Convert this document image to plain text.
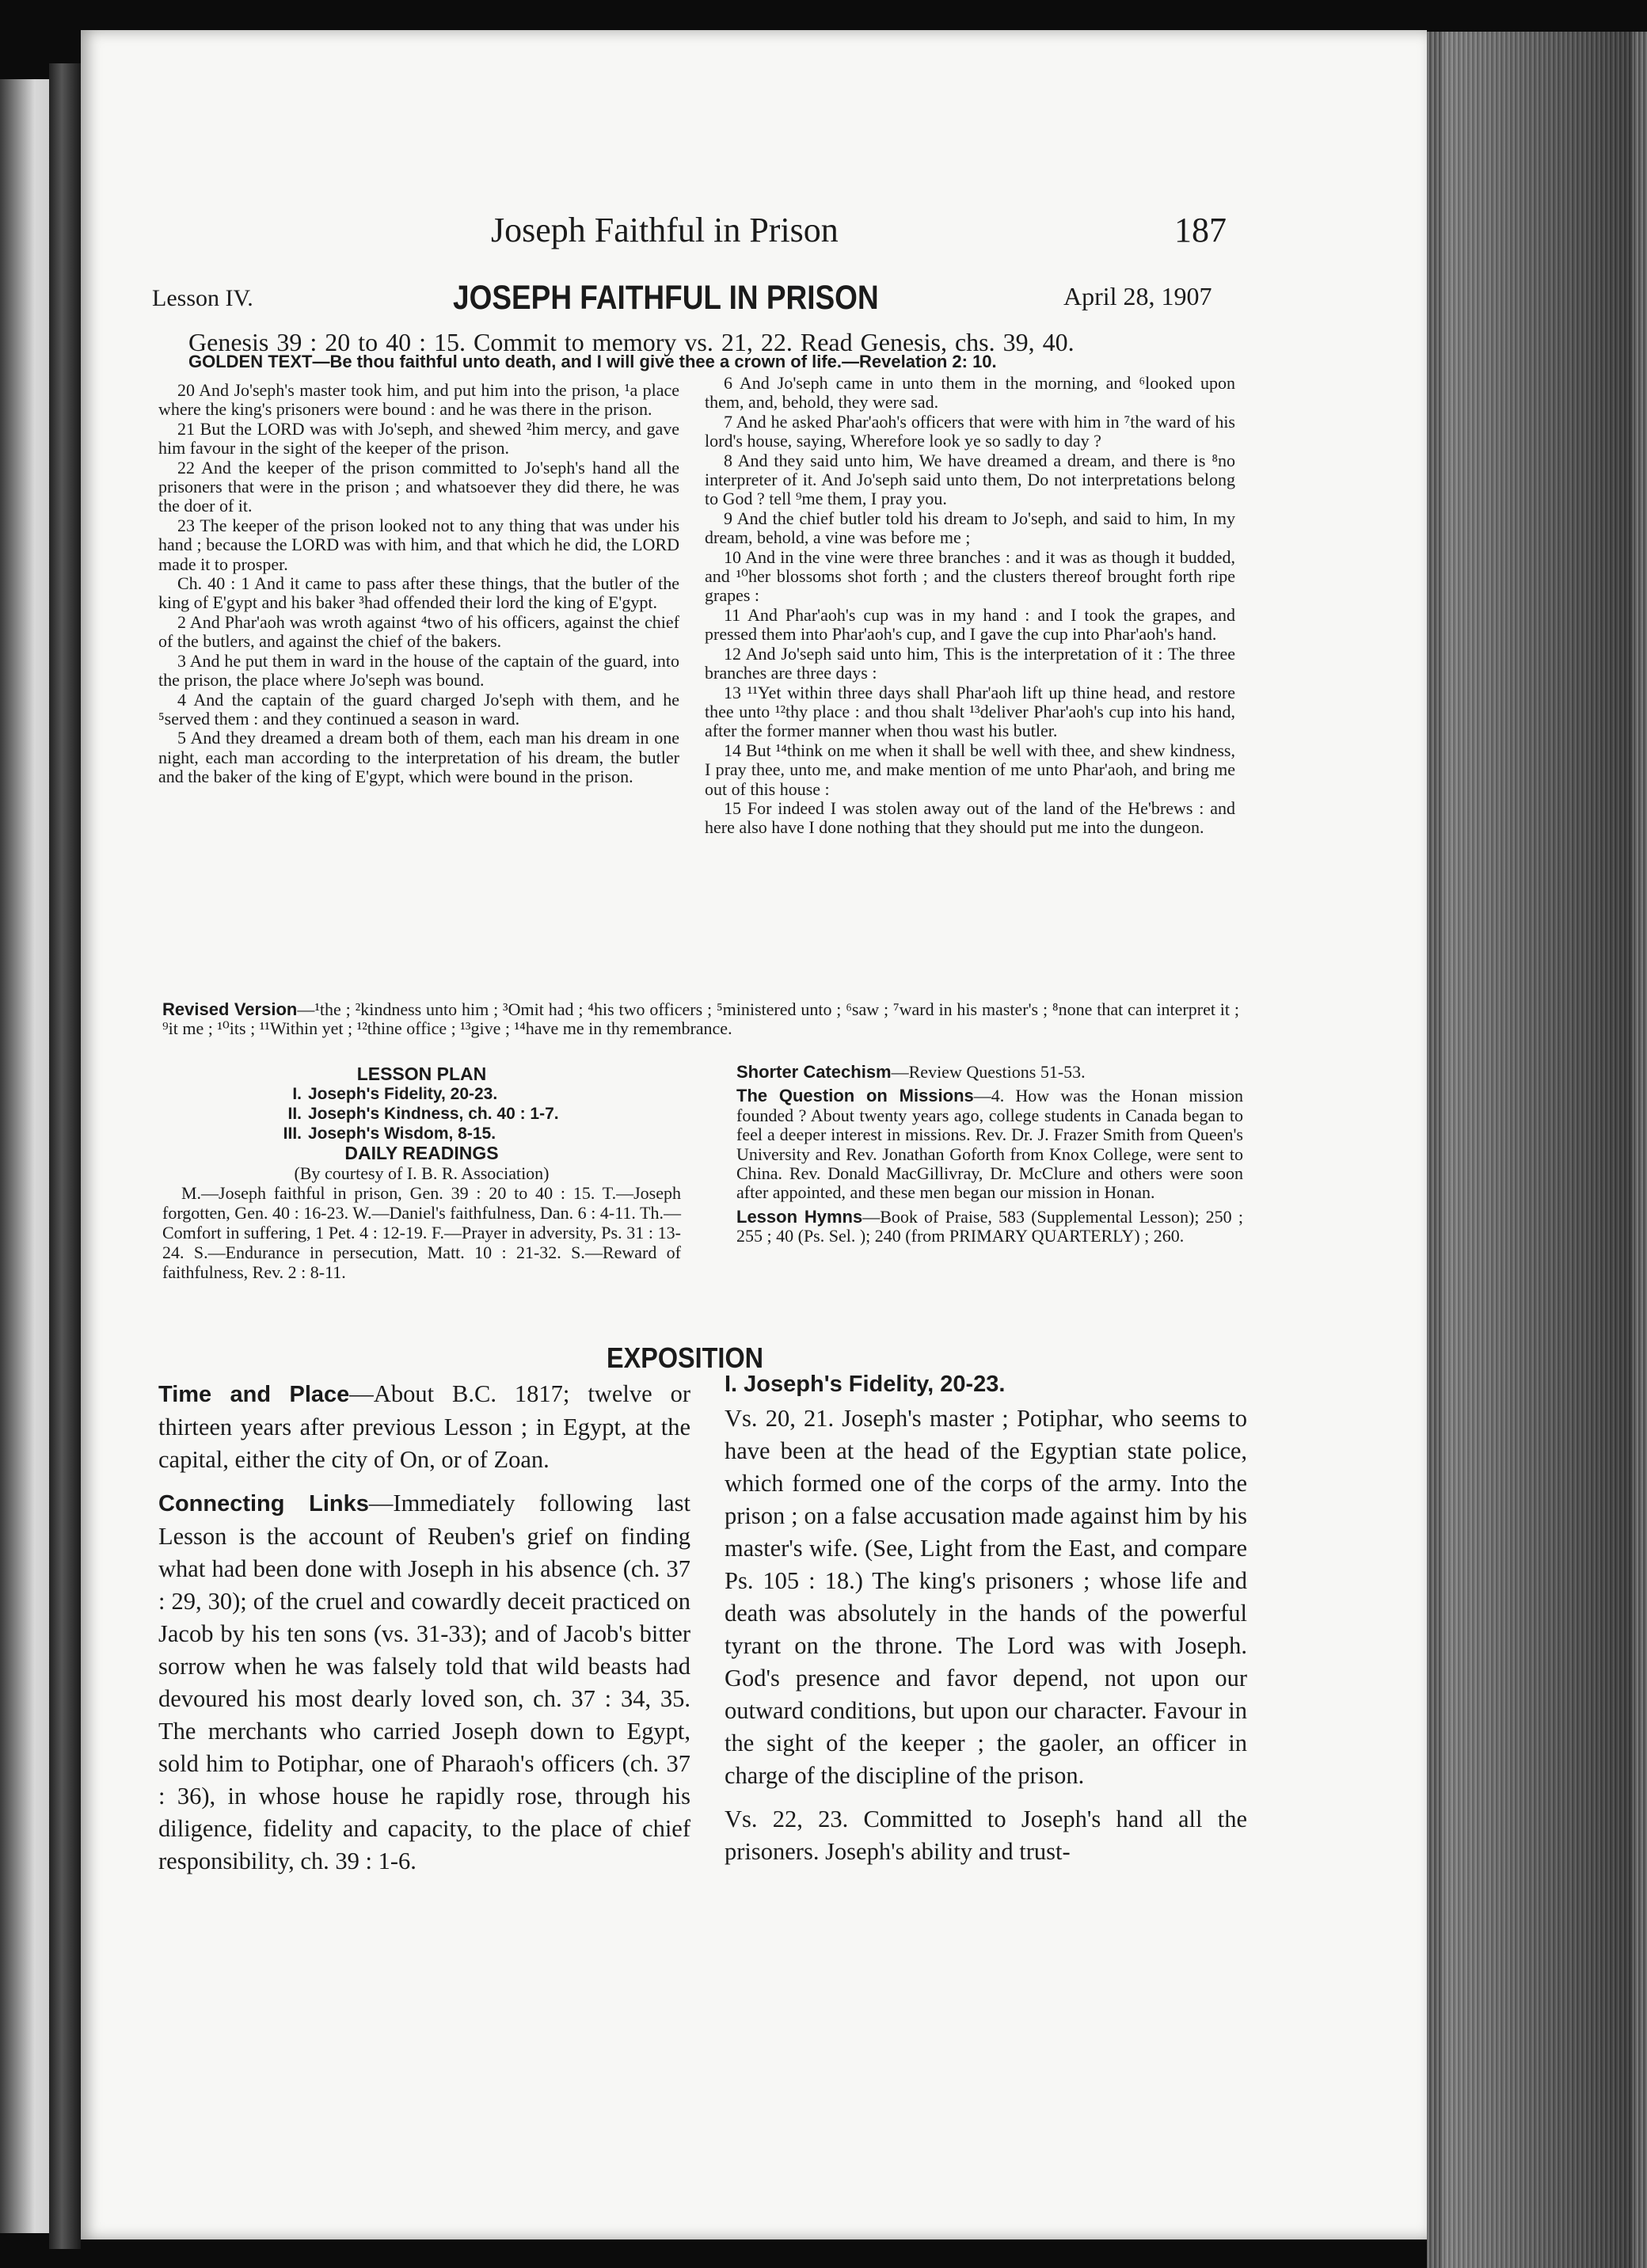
Joseph Faithful in Prison	187
Lesson IV.	JOSEPH FAITHFUL IN PRISON	April 28, 1907
Genesis 39 : 20 to 40 : 15. Commit to memory vs. 21, 22. Read Genesis, chs. 39, 40.
GOLDEN TEXT—Be thou faithful unto death, and I will give thee a crown of life.—Revelation 2: 10.

20 And Jo'seph's master took him, and put him into the prison, ¹a place where the king's prisoners were bound : and he was there in the prison.

21 But the LORD was with Jo'seph, and shewed ²him mercy, and gave him favour in the sight of the keeper of the prison.

22 And the keeper of the prison committed to Jo'seph's hand all the prisoners that were in the prison ; and whatsoever they did there, he was the doer of it.

23 The keeper of the prison looked not to any thing that was under his hand ; because the LORD was with him, and that which he did, the LORD made it to prosper.

Ch. 40 : 1 And it came to pass after these things, that the butler of the king of E'gypt and his baker ³had offended their lord the king of E'gypt.

2 And Phar'aoh was wroth against ⁴two of his officers, against the chief of the butlers, and against the chief of the bakers.

3 And he put them in ward in the house of the captain of the guard, into the prison, the place where Jo'seph was bound.

4 And the captain of the guard charged Jo'seph with them, and he ⁵served them : and they continued a season in ward.

5 And they dreamed a dream both of them, each man his dream in one night, each man according to the interpretation of his dream, the butler and the baker of the king of E'gypt, which were bound in the prison.

6 And Jo'seph came in unto them in the morning, and ⁶looked upon them, and, behold, they were sad.

7 And he asked Phar'aoh's officers that were with him in ⁷the ward of his lord's house, saying, Wherefore look ye so sadly to day ?

8 And they said unto him, We have dreamed a dream, and there is ⁸no interpreter of it. And Jo'seph said unto them, Do not interpretations belong to God ? tell ⁹me them, I pray you.

9 And the chief butler told his dream to Jo'seph, and said to him, In my dream, behold, a vine was before me ;

10 And in the vine were three branches : and it was as though it budded, and ¹⁰her blossoms shot forth ; and the clusters thereof brought forth ripe grapes :

11 And Phar'aoh's cup was in my hand : and I took the grapes, and pressed them into Phar'aoh's cup, and I gave the cup into Phar'aoh's hand.

12 And Jo'seph said unto him, This is the interpretation of it : The three branches are three days :

13 ¹¹Yet within three days shall Phar'aoh lift up thine head, and restore thee unto ¹²thy place : and thou shalt ¹³deliver Phar'aoh's cup into his hand, after the former manner when thou wast his butler.

14 But ¹⁴think on me when it shall be well with thee, and shew kindness, I pray thee, unto me, and make mention of me unto Phar'aoh, and bring me out of this house :

15 For indeed I was stolen away out of the land of the He'brews : and here also have I done nothing that they should put me into the dungeon.

Revised Version—¹the ; ²kindness unto him ; ³Omit had ; ⁴his two officers ; ⁵ministered unto ; ⁶saw ; ⁷ward in his master's ; ⁸none that can interpret it ; ⁹it me ; ¹⁰its ; ¹¹Within yet ; ¹²thine office ; ¹³give ; ¹⁴have me in thy remembrance.
LESSON PLAN
I. Joseph's Fidelity, 20-23.
II. Joseph's Kindness, ch. 40 : 1-7.
III. Joseph's Wisdom, 8-15.
DAILY READINGS
(By courtesy of I. B. R. Association)
M.—Joseph faithful in prison, Gen. 39 : 20 to 40 : 15. T.—Joseph forgotten, Gen. 40 : 16-23. W.—Daniel's faithfulness, Dan. 6 : 4-11. Th.—Comfort in suffering, 1 Pet. 4 : 12-19. F.—Prayer in adversity, Ps. 31 : 13-24. S.—Endurance in persecution, Matt. 10 : 21-32. S.—Reward of faithfulness, Rev. 2 : 8-11.

Shorter Catechism—Review Questions 51-53.

The Question on Missions—4. How was the Honan mission founded ? About twenty years ago, college students in Canada began to feel a deeper interest in missions. Rev. Dr. J. Frazer Smith from Queen's University and Rev. Jonathan Goforth from Knox College, were sent to China. Rev. Donald MacGillivray, Dr. McClure and others were soon after appointed, and these men began our mission in Honan.

Lesson Hymns—Book of Praise, 583 (Supplemental Lesson); 250 ; 255 ; 40 (Ps. Sel. ); 240 (from PRIMARY QUARTERLY) ; 260.

EXPOSITION

Time and Place—About B.C. 1817; twelve or thirteen years after previous Lesson ; in Egypt, at the capital, either the city of On, or of Zoan.

Connecting Links—Immediately following last Lesson is the account of Reuben's grief on finding what had been done with Joseph in his absence (ch. 37 : 29, 30); of the cruel and cowardly deceit practiced on Jacob by his ten sons (vs. 31-33); and of Jacob's bitter sorrow when he was falsely told that wild beasts had devoured his most dearly loved son, ch. 37 : 34, 35. The merchants who carried Joseph down to Egypt, sold him to Potiphar, one of Pharaoh's officers (ch. 37 : 36), in whose house he rapidly rose, through his diligence, fidelity and capacity, to the place of chief responsibility, ch. 39 : 1-6.

I. Joseph's Fidelity, 20-23.

Vs. 20, 21. Joseph's master ; Potiphar, who seems to have been at the head of the Egyptian state police, which formed one of the corps of the army. Into the prison ; on a false accusation made against him by his master's wife. (See, Light from the East, and compare Ps. 105 : 18.) The king's prisoners ; whose life and death was absolutely in the hands of the powerful tyrant on the throne. The Lord was with Joseph. God's presence and favor depend, not upon our outward conditions, but upon our character. Favour in the sight of the keeper ; the gaoler, an officer in charge of the discipline of the prison.

Vs. 22, 23. Committed to Joseph's hand all the prisoners. Joseph's ability and trust-
